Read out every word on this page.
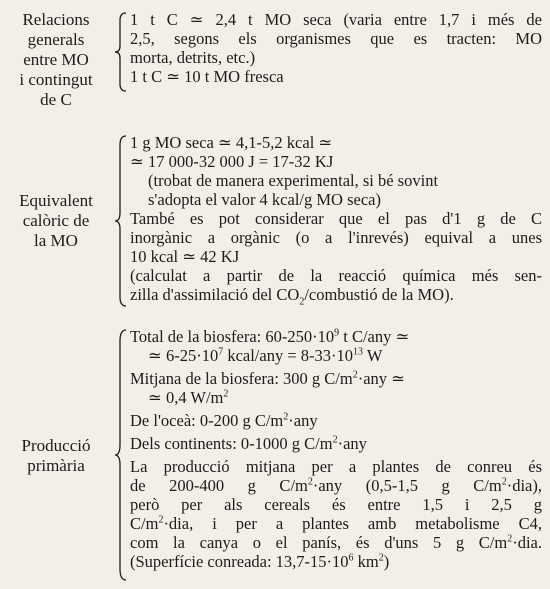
Relacions
generals
entre MO
i contingut
de C
1 t C ≃ 2,4 t MO seca (varia entre 1,7 i més de
2,5, segons els organismes que es tracten: MO
morta, detrits, etc.)
1 t C ≃ 10 t MO fresca
Equivalent
calòric de
la MO
1 g MO seca ≃ 4,1-5,2 kcal ≃
≃ 17 000-32 000 J = 17-32 KJ
(trobat de manera experimental, si bé sovint
s'adopta el valor 4 kcal/g MO seca)
També es pot considerar que el pas d'1 g de C
inorgànic a orgànic (o a l'inrevés) equival a unes
10 kcal ≃ 42 KJ
(calculat a partir de la reacció química més sen-
zilla d'assimilació del $CO_2$/combustió de la MO).
Producció
primària
Total de la biosfera: $60-250\cdot 10^9$ t C/any ≃
≃ $6-25\cdot 10^7$ kcal/any = $8-33\cdot 10^{13}$ W
Mitjana de la biosfera: 300 g $C/m^2\cdot any$ ≃
≃ 0,4 $W/m^2$
De l'oceà: 0-200 g $C/m^2\cdot any$
Dels continents: 0-1000 g $C/m^2\cdot any$
La producció mitjana per a plantes de conreu és
de 200-400 g $C/m^2\cdot any$ (0,5-1,5 g $C/m^2\cdot dia$),
però per als cereals és entre 1,5 i 2,5 g
$C/m^2\cdot dia$, i per a plantes amb metabolisme C4,
com la canya o el panís, és d'uns 5 g $C/m^2\cdot dia$.
(Superfície conreada: $13,7-15\cdot 10^6$ $km^2$)
